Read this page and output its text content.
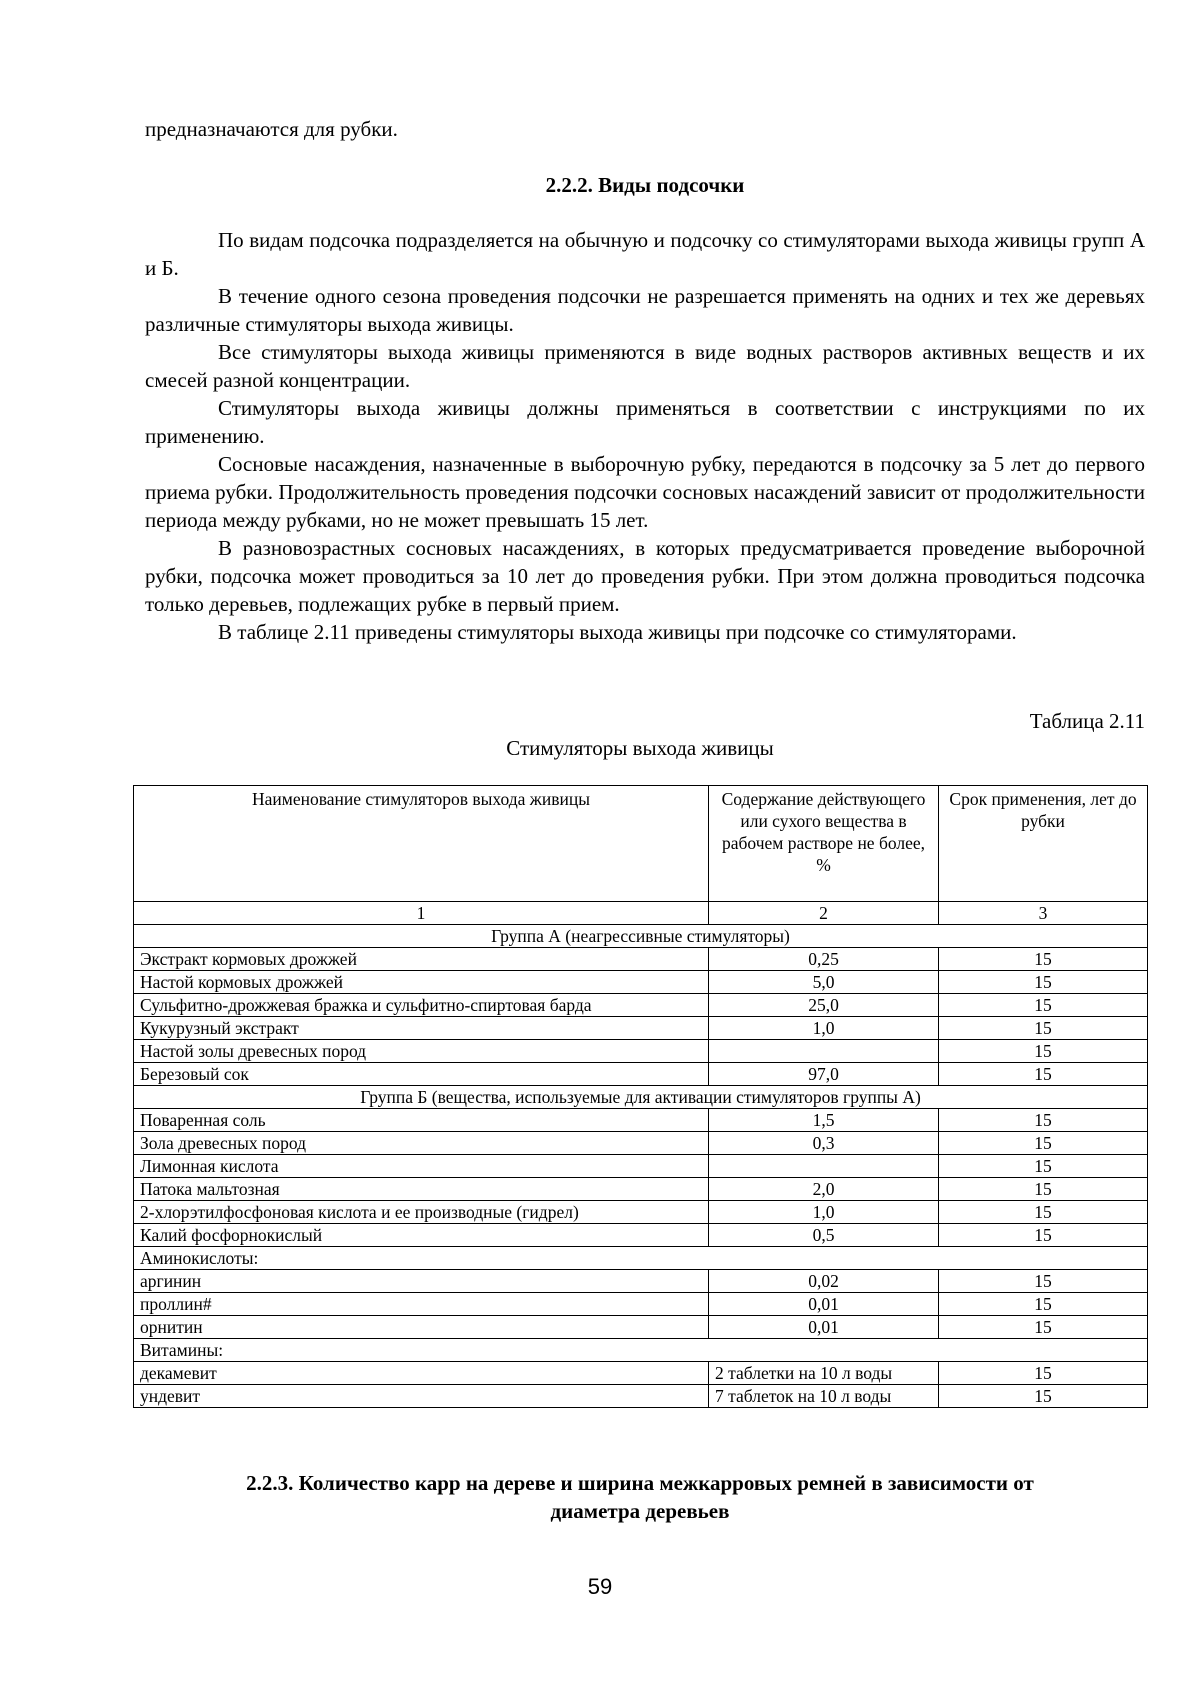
предназначаются для рубки.

2.2.2. Виды подсочки

По видам подсочка подразделяется на обычную и подсочку со стимуляторами выхода живицы групп А и Б.

В течение одного сезона проведения подсочки не разрешается применять на одних и тех же деревьях различные стимуляторы выхода живицы.

Все стимуляторы выхода живицы применяются в виде водных растворов активных веществ и их смесей разной концентрации.

Стимуляторы выхода живицы должны применяться в соответствии с инструкциями по их применению.

Сосновые насаждения, назначенные в выборочную рубку, передаются в подсочку за 5 лет до первого приема рубки. Продолжительность проведения подсочки сосновых насаждений зависит от продолжительности периода между рубками, но не может превышать 15 лет.

В разновозрастных сосновых насаждениях, в которых предусматривается проведение выборочной рубки, подсочка может проводиться за 10 лет до проведения рубки. При этом должна проводиться подсочка только деревьев, подлежащих рубке в первый прием.

В таблице 2.11 приведены стимуляторы выхода живицы при подсочке со стимуляторами.

Таблица 2.11
Стимуляторы выхода живицы
Наименование стимуляторов выхода живицы	Содержание действующего или сухого вещества в рабочем растворе не более, %	Срок применения, лет до рубки
1	2	3
Группа А (неагрессивные стимуляторы)		
Экстракт кормовых дрожжей	0,25	15
Настой кормовых дрожжей	5,0	15
Сульфитно-дрожжевая бражка и сульфитно-спиртовая барда	25,0	15
Кукурузный экстракт	1,0	15
Настой золы древесных пород		15
Березовый сок	97,0	15
Группа Б (вещества, используемые для активации стимуляторов группы А)		
Поваренная соль	1,5	15
Зола древесных пород	0,3	15
Лимонная кислота		15
Патока мальтозная	2,0	15
2-хлорэтилфосфоновая кислота и ее производные (гидрел)	1,0	15
Калий фосфорнокислый	0,5	15
Аминокислоты:		
аргинин	0,02	15
проллин#	0,01	15
орнитин	0,01	15
Витамины:		
декамевит	2 таблетки на 10 л воды	15
ундевит	7 таблеток на 10 л воды	15
2.2.3. Количество карр на дереве и ширина межкарровых ремней в зависимости от
диаметра деревьев
59
